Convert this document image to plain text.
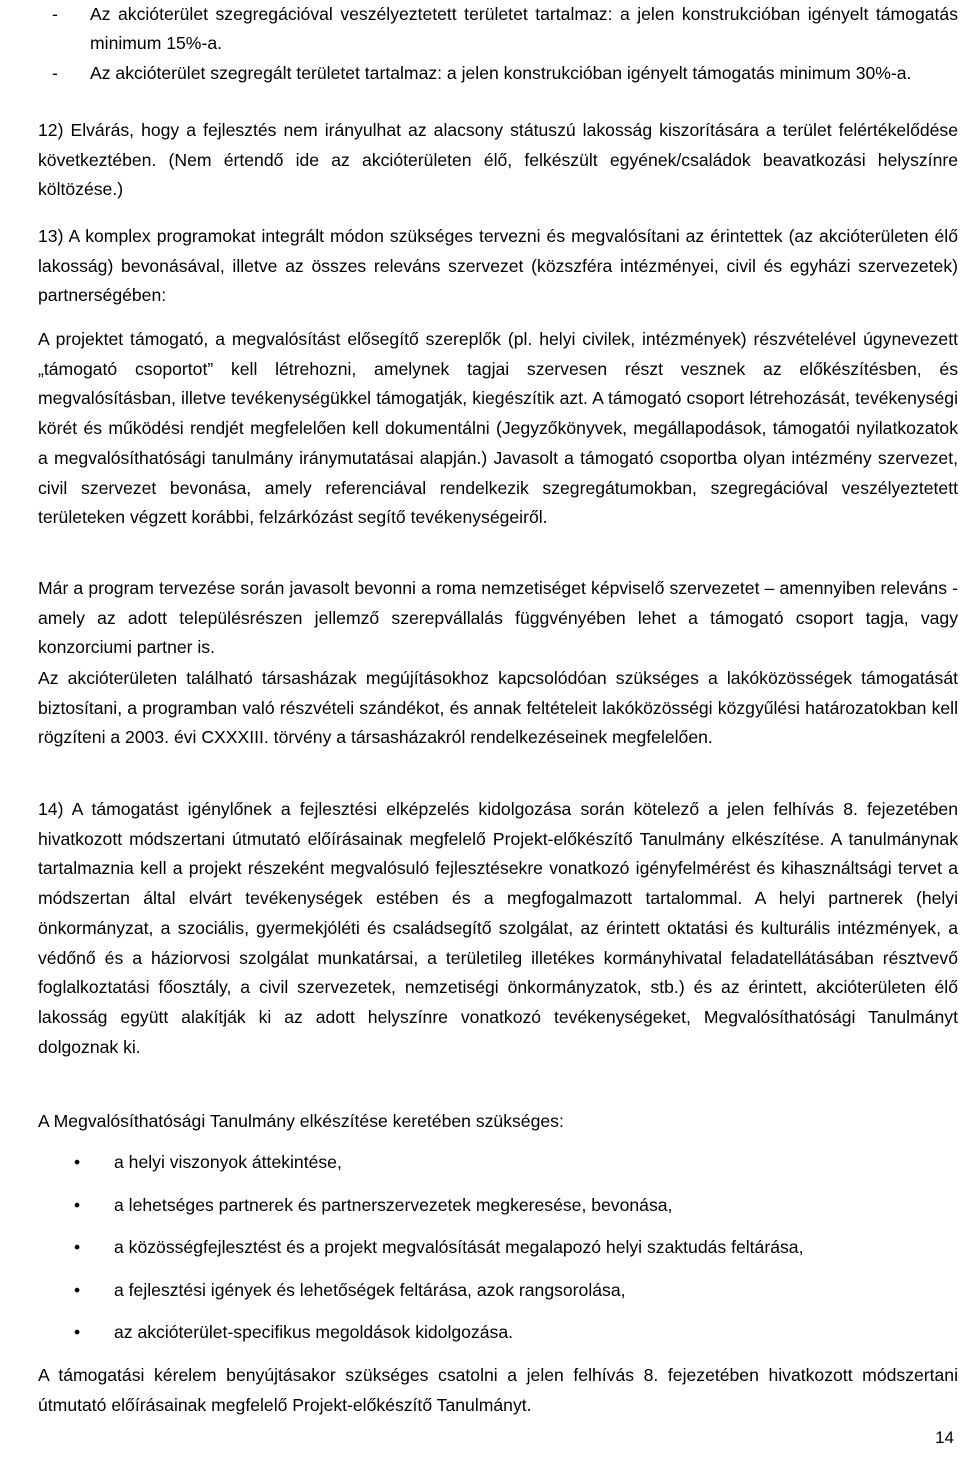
- Az akcióterület szegregációval veszélyeztetett területet tartalmaz: a jelen konstrukcióban igényelt támogatás minimum 15%-a.
- Az akcióterület szegregált területet tartalmaz: a jelen konstrukcióban igényelt támogatás minimum 30%-a.
12) Elvárás, hogy a fejlesztés nem irányulhat az alacsony státuszú lakosság kiszorítására a terület felértékelődése következtében. (Nem értendő ide az akcióterületen élő, felkészült egyének/családok beavatkozási helyszínre költözése.)
13) A komplex programokat integrált módon szükséges tervezni és megvalósítani az érintettek (az akcióterületen élő lakosság) bevonásával, illetve az összes releváns szervezet (közszféra intézményei, civil és egyházi szervezetek) partnerségében:

A projektet támogató, a megvalósítást elősegítő szereplők (pl. helyi civilek, intézmények) részvételével úgynevezett „támogató csoportot” kell létrehozni, amelynek tagjai szervesen részt vesznek az előkészítésben, és megvalósításban, illetve tevékenységükkel támogatják, kiegészítik azt. A támogató csoport létrehozását, tevékenységi körét és működési rendjét megfelelően kell dokumentálni (Jegyzőkönyvek, megállapodások, támogatói nyilatkozatok a megvalósíthatósági tanulmány iránymutatásai alapján.) Javasolt a támogató csoportba olyan intézmény szervezet, civil szervezet bevonása, amely referenciával rendelkezik szegregátumokban, szegregációval veszélyeztetett területeken végzett korábbi, felzárkózást segítő tevékenységeiről.

Már a program tervezése során javasolt bevonni a roma nemzetiséget képviselő szervezetet – amennyiben releváns - amely az adott településrészen jellemző szerepvállalás függvényében lehet a támogató csoport tagja, vagy konzorciumi partner is.

Az akcióterületen található társasházak megújításokhoz kapcsolódóan szükséges a lakóközösségek támogatását biztosítani, a programban való részvételi szándékot, és annak feltételeit lakóközösségi közgyűlési határozatokban kell rögzíteni a 2003. évi CXXXIII. törvény a társasházakról rendelkezéseinek megfelelően.

14) A támogatást igénylőnek a fejlesztési elképzelés kidolgozása során kötelező a jelen felhívás 8. fejezetében hivatkozott módszertani útmutató előírásainak megfelelő Projekt-előkészítő Tanulmány elkészítése. A tanulmánynak tartalmaznia kell a projekt részeként megvalósuló fejlesztésekre vonatkozó igényfelmérést és kihasználtsági tervet a módszertan által elvárt tevékenységek estében és a megfogalmazott tartalommal. A helyi partnerek (helyi önkormányzat, a szociális, gyermekjóléti és családsegítő szolgálat, az érintett oktatási és kulturális intézmények, a védőnő és a háziorvosi szolgálat munkatársai, a területileg illetékes kormányhivatal feladatellátásában résztvevő foglalkoztatási főosztály, a civil szervezetek, nemzetiségi önkormányzatok, stb.) és az érintett, akcióterületen élő lakosság együtt alakítják ki az adott helyszínre vonatkozó tevékenységeket, Megvalósíthatósági Tanulmányt dolgoznak ki.

A Megvalósíthatósági Tanulmány elkészítése keretében szükséges:

• a helyi viszonyok áttekintése,
• a lehetséges partnerek és partnerszervezetek megkeresése, bevonása,
• a közösségfejlesztést és a projekt megvalósítását megalapozó helyi szaktudás feltárása,
• a fejlesztési igények és lehetőségek feltárása, azok rangsorolása,
• az akcióterület-specifikus megoldások kidolgozása.

A támogatási kérelem benyújtásakor szükséges csatolni a jelen felhívás 8. fejezetében hivatkozott módszertani útmutató előírásainak megfelelő Projekt-előkészítő Tanulmányt.

14
